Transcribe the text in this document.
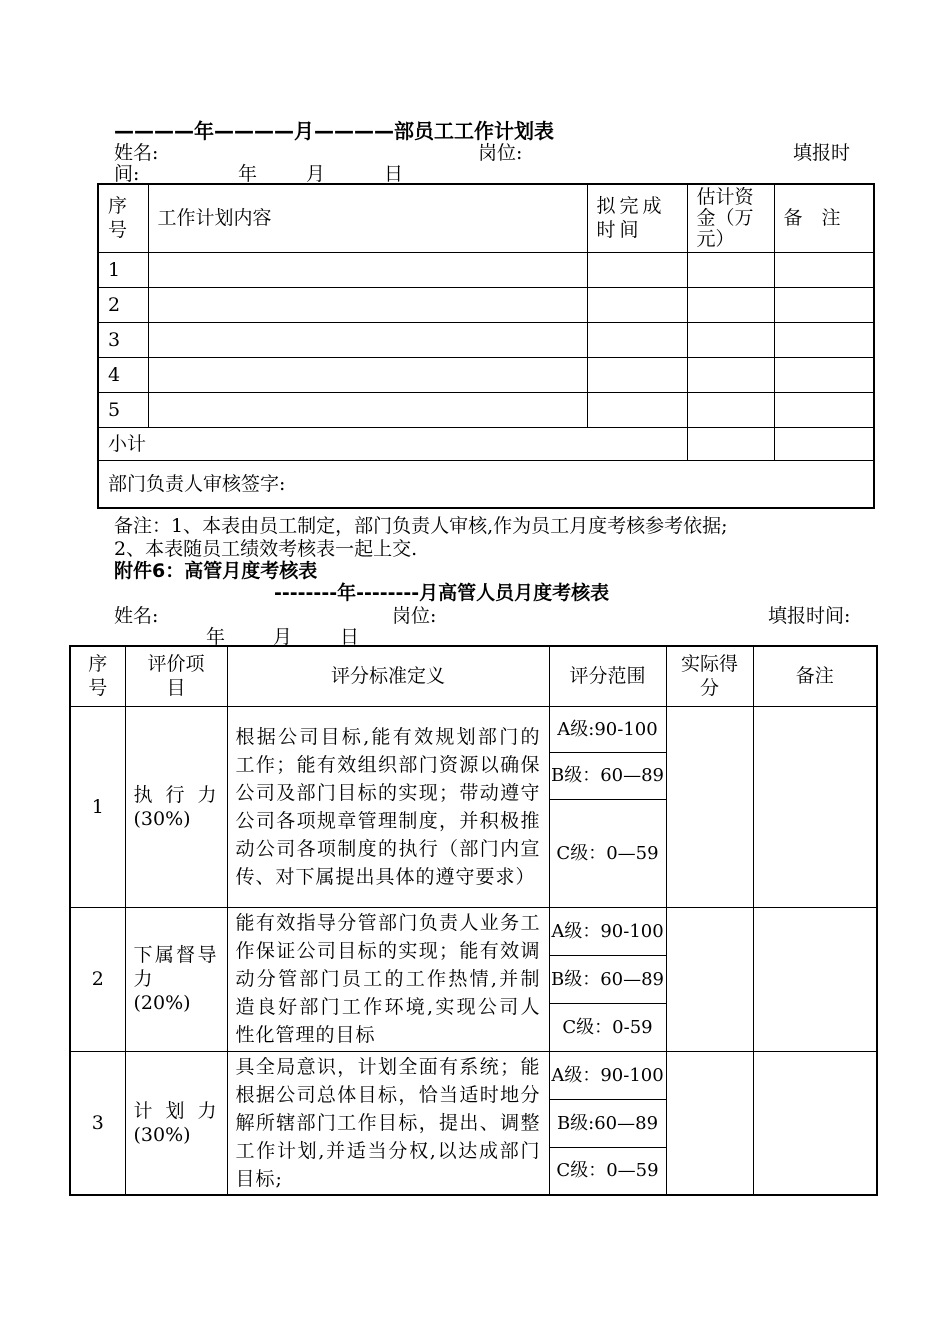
————年————月————部员工工作计划表
姓名:	岗位:	填报时
间:	年	月	日
序号	工作计划内容	拟完成时间	估计资金（万元）	备　注
1				
2				
3				
4				
5				
小计				
部门负责人审核签字:				
备注：1、本表由员工制定，部门负责人审核,作为员工月度考核参考依据;
2、本表随员工绩效考核表一起上交.
附件6：高管月度考核表
--------年--------月高管人员月度考核表
姓名:	岗位:	填报时间:
年	月	日
序号	评价项目	评分标准定义	评分范围	实际得分	备注
1	执行力
(30%)	根据公司目标,能有效规划部门的工作；能有效组织部门资源以确保公司及部门目标的实现；带动遵守公司各项规章管理制度，并积极推动公司各项制度的执行（部门内宣传、对下属提出具体的遵守要求）	A级:90-100		
			B级：60—89		
			C级：0—59		
2	下属督导力
(20%)	能有效指导分管部门负责人业务工作保证公司目标的实现；能有效调动分管部门员工的工作热情,并制造良好部门工作环境,实现公司人性化管理的目标	A级：90-100		
			B级：60—89		
			C级：0-59		
3	计划力
(30%)	具全局意识，计划全面有系统；能根据公司总体目标，恰当适时地分解所辖部门工作目标，提出、调整工作计划,并适当分权,以达成部门目标;	A级：90-100		
			B级:60—89		
			C级：0—59		
